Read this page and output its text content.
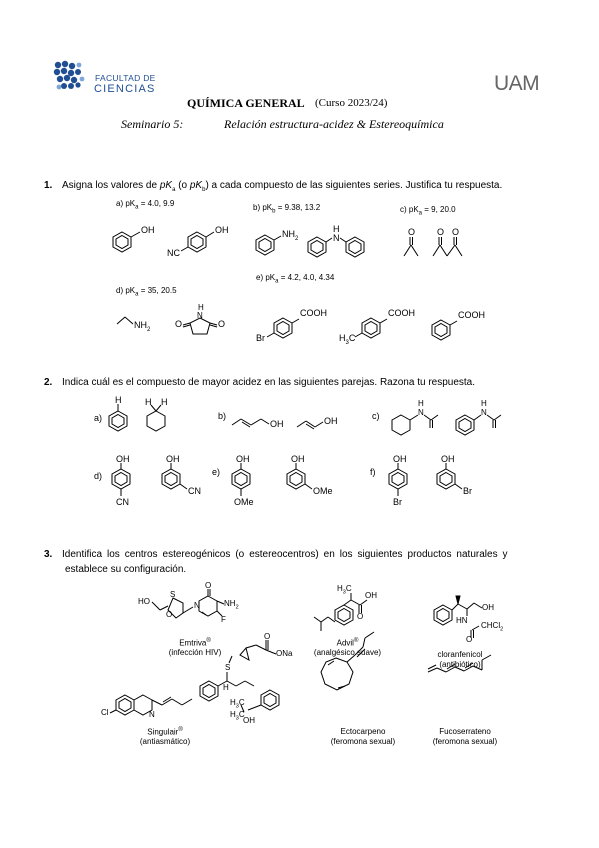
FACULTAD DE
CIENCIAS	UAM
QUÍMICA GENERAL (Curso 2023/24)
Seminario 5:	Relación estructura-acidez & Estereoquímica
1. Asigna los valores de $pK_a$ (o $pK_b$) a cada compuesto de las siguientes series. Justifica tu respuesta.
a) $pK_a = 4.0$, 9.9	b) $pK_b = 9.38$, 13.2	c) $pK_a = 9$, 20.0
d) $pK_a = 35$, 20.5
e) $pK_a = 4.2$, 4.0, 4.34
OH	OH
NC
$NH_2$
H
N
O O O
$NH_2$
H
N
O	O
COOH
Br
COOH
$H_3C$
COOH
2. Indica cuál es el compuesto de mayor acidez en las siguientes parejas. Razona tu respuesta.
a)	b)	c)
d)	e)	f)
H	H H
OH	OH
H
N
H
N
OH
CN
OH
CN
OH
OMe
OH
OMe
OH
Br
OH
Br
3. Identifica los centros estereogénicos (o estereocentros) en los siguientes productos naturales y
establece su configuración.
HO
S
O
N
O
$NH_2$
F
$H_3C$
OH
O
OH
HN
O
CHCl$_2$
Cl	N
S
H
O
ONa
$H_3C$
$H_3C$
OH
Emtriva®
(infección HIV)
Advil®
(analgésico suave)	cloranfenicol
(antibiótico)
Singulair®
(antiasmático)
Ectocarpeno
(feromona sexual)
Fucoserrateno
(feromona sexual)
